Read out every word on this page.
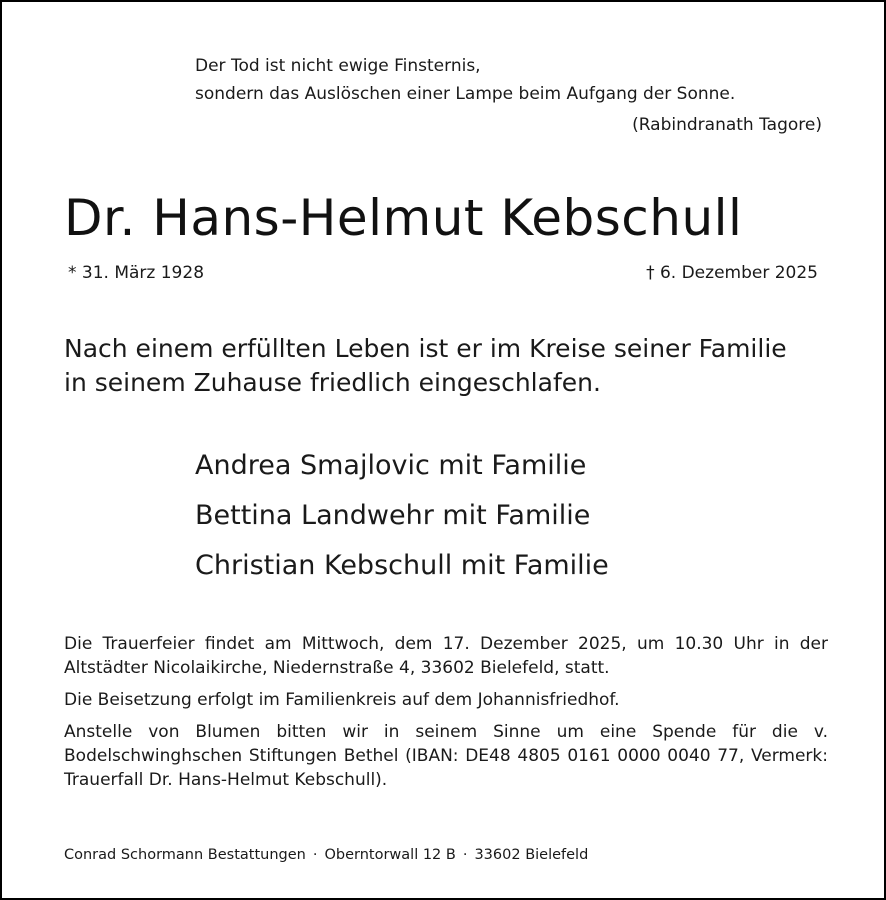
Der Tod ist nicht ewige Finsternis,
sondern das Auslöschen einer Lampe beim Aufgang der Sonne.
(Rabindranath Tagore)
Dr. Hans-Helmut Kebschull
* 31. März 1928	† 6. Dezember 2025
Nach einem erfüllten Leben ist er im Kreise seiner Familie
in seinem Zuhause friedlich eingeschlafen.
Andrea Smajlovic mit Familie
Bettina Landwehr mit Familie
Christian Kebschull mit Familie
Die Trauerfeier findet am Mittwoch, dem 17. Dezember 2025, um 10.30 Uhr in der Altstädter Nicolaikirche, Niedernstraße 4, 33602 Bielefeld, statt.
Die Beisetzung erfolgt im Familienkreis auf dem Johannisfriedhof.
Anstelle von Blumen bitten wir in seinem Sinne um eine Spende für die v. Bodelschwinghschen Stiftungen Bethel (IBAN: DE48 4805 0161 0000 0040 77, Vermerk: Trauerfall Dr. Hans-Helmut Kebschull).
Conrad Schormann Bestattungen · Oberntorwall 12 B · 33602 Bielefeld
